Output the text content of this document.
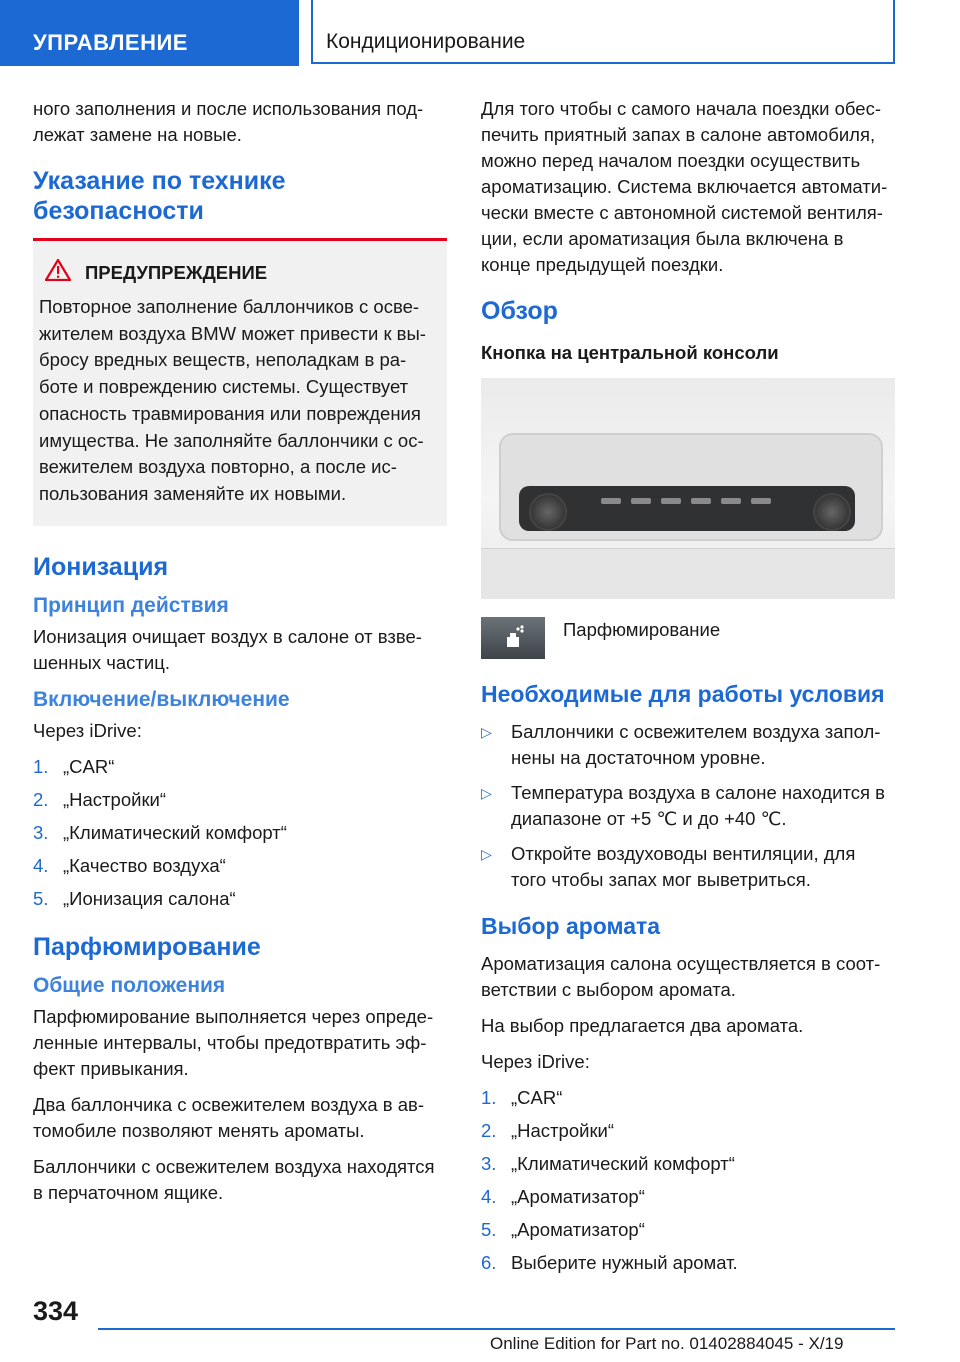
УПРАВЛЕНИЕ	Кондиционирование

ного заполнения и после использования под-лежат замене на новые.

Указание по технике безопасности
ПРЕДУПРЕЖДЕНИЕ

Повторное заполнение баллончиков с осве-жителем воздуха BMW может привести к вы-бросу вредных веществ, неполадкам в ра-боте и повреждению системы. Существует опасность травмирования или повреждения имущества. Не заполняйте баллончики с ос-вежителем воздуха повторно, а после ис-пользования заменяйте их новыми.

Ионизация
Принцип действия

Ионизация очищает воздух в салоне от взве-шенных частиц.

Включение/выключение

Через iDrive:

1. „CAR“
2. „Настройки“
3. „Климатический комфорт“
4. „Качество воздуха“
5. „Ионизация салона“
Парфюмирование
Общие положения

Парфюмирование выполняется через опреде-ленные интервалы, чтобы предотвратить эф-фект привыкания.

Два баллончика с освежителем воздуха в ав-томобиле позволяют менять ароматы.

Баллончики с освежителем воздуха находятся в перчаточном ящике.

Для того чтобы с самого начала поездки обес-печить приятный запах в салоне автомобиля, можно перед началом поездки осуществить ароматизацию. Система включается автомати-чески вместе с автономной системой вентиля-ции, если ароматизация была включена в конце предыдущей поездки.

Обзор
Кнопка на центральной консоли
Парфюмирование
Необходимые для работы условия
▷ Баллончики с освежителем воздуха запол-нены на достаточном уровне.
▷ Температура воздуха в салоне находится в диапазоне от +5 ℃ и до +40 ℃.
▷ Откройте воздуховоды вентиляции, для того чтобы запах мог выветриться.
Выбор аромата

Ароматизация салона осуществляется в соот-ветствии с выбором аромата.

На выбор предлагается два аромата.

Через iDrive:

1. „CAR“
2. „Настройки“
3. „Климатический комфорт“
4. „Ароматизатор“
5. „Ароматизатор“
6. Выберите нужный аромат.
334
Online Edition for Part no. 01402884045 - X/19
